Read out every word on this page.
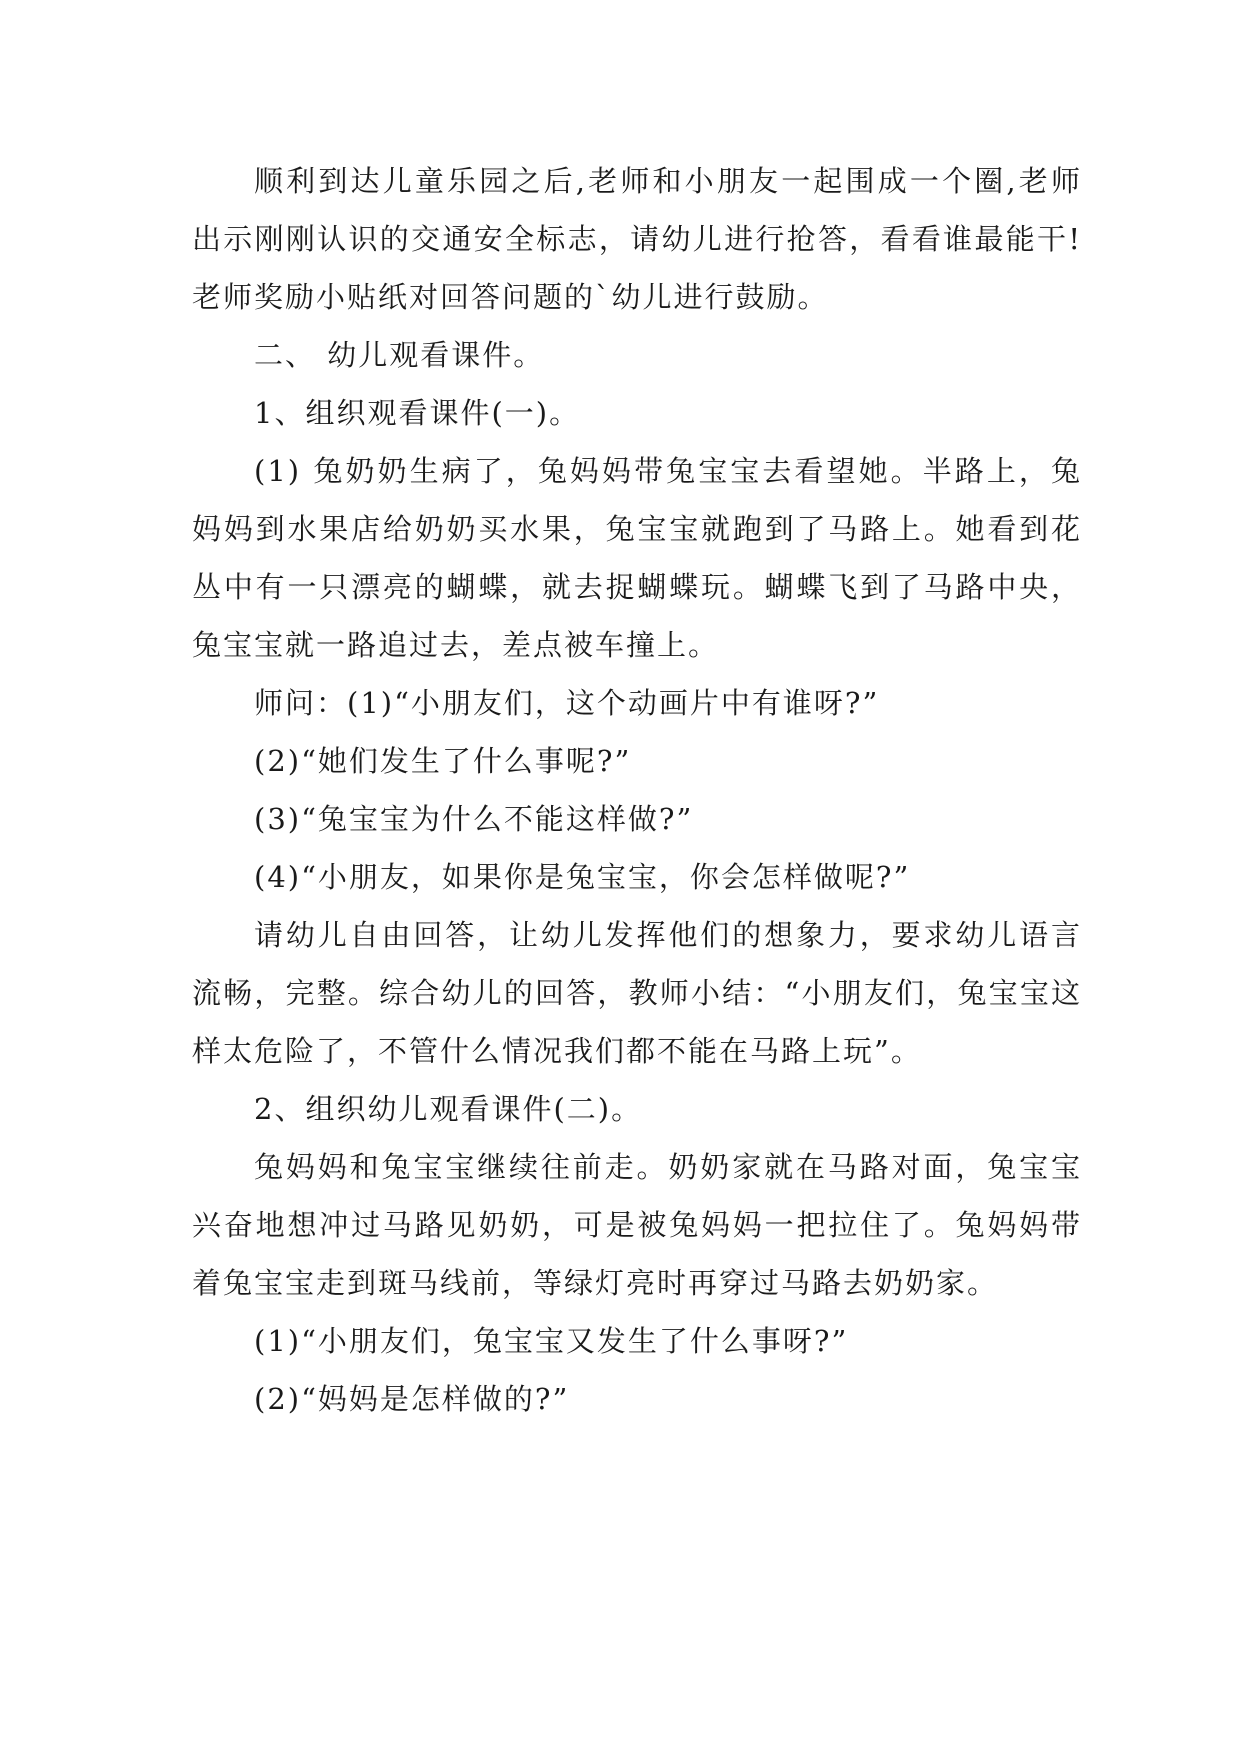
顺利到达儿童乐园之后,老师和小朋友一起围成一个圈,老师出示刚刚认识的交通安全标志，请幼儿进行抢答，看看谁最能干!老师奖励小贴纸对回答问题的`幼儿进行鼓励。

二、 幼儿观看课件。

1、组织观看课件(一)。

(1) 兔奶奶生病了，兔妈妈带兔宝宝去看望她。半路上，兔妈妈到水果店给奶奶买水果，兔宝宝就跑到了马路上。她看到花丛中有一只漂亮的蝴蝶，就去捉蝴蝶玩。蝴蝶飞到了马路中央，兔宝宝就一路追过去，差点被车撞上。

师问：(1)“小朋友们，这个动画片中有谁呀?”

(2)“她们发生了什么事呢?”

(3)“兔宝宝为什么不能这样做?”

(4)“小朋友，如果你是兔宝宝，你会怎样做呢?”

请幼儿自由回答，让幼儿发挥他们的想象力，要求幼儿语言流畅，完整。综合幼儿的回答，教师小结：“小朋友们，兔宝宝这样太危险了，不管什么情况我们都不能在马路上玩”。

2、组织幼儿观看课件(二)。

兔妈妈和兔宝宝继续往前走。奶奶家就在马路对面，兔宝宝兴奋地想冲过马路见奶奶，可是被兔妈妈一把拉住了。兔妈妈带着兔宝宝走到斑马线前，等绿灯亮时再穿过马路去奶奶家。

(1)“小朋友们，兔宝宝又发生了什么事呀?”

(2)“妈妈是怎样做的?”
